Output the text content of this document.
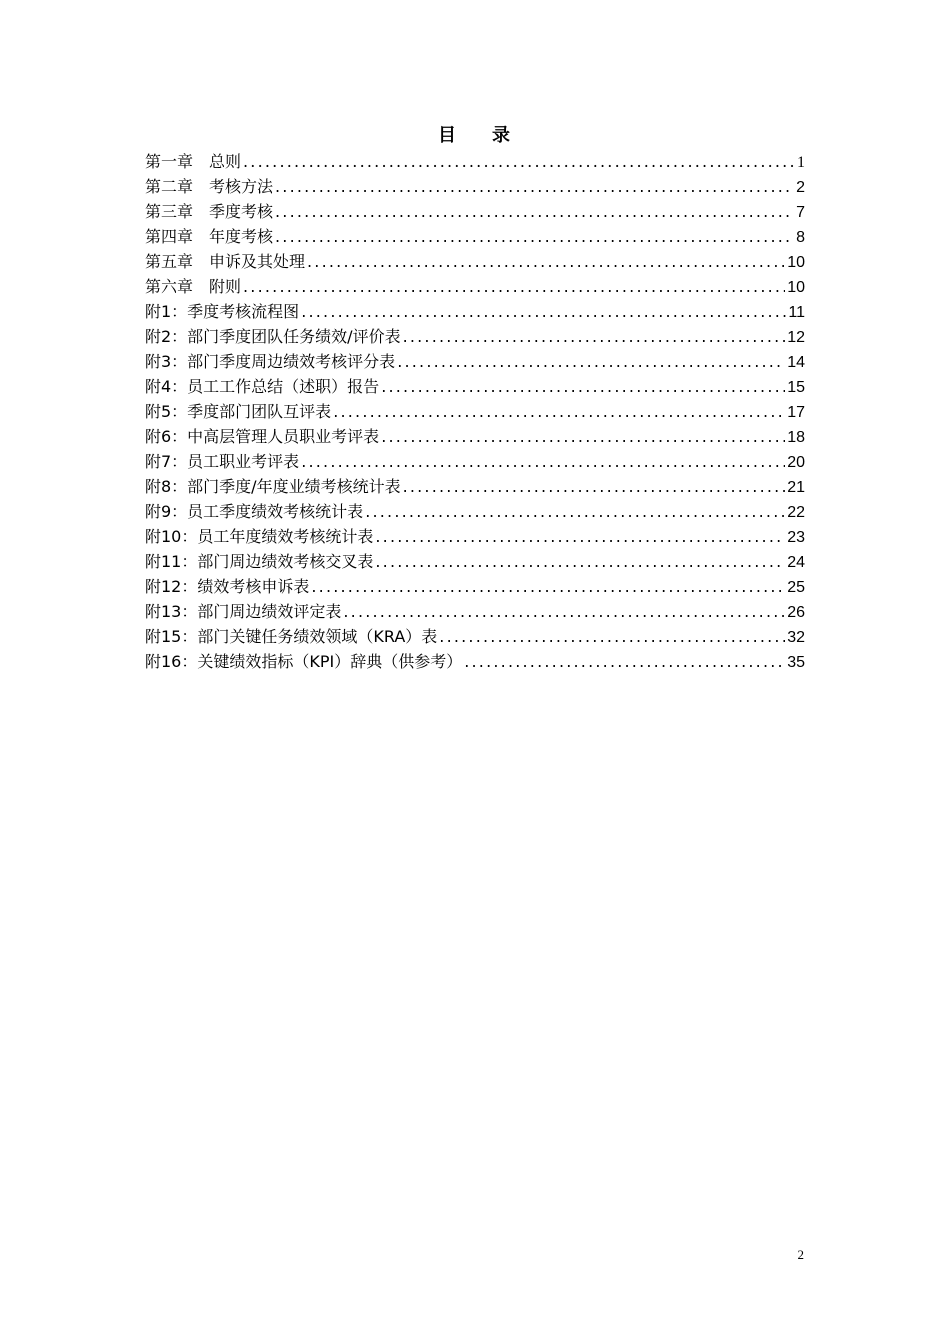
目 录
第一章　总则 .....	1
第二章　考核方法 .....	2
第三章　季度考核 .....	7
第四章　年度考核 .....	8
第五章　申诉及其处理 .....	10
第六章　附则 .....	10
附1：季度考核流程图 .....	11
附2：部门季度团队任务绩效/评价表 .....	12
附3：部门季度周边绩效考核评分表 .....	14
附4：员工工作总结（述职）报告 .....	15
附5：季度部门团队互评表 .....	17
附6：中高层管理人员职业考评表 .....	18
附7：员工职业考评表 .....	20
附8：部门季度/年度业绩考核统计表 .....	21
附9：员工季度绩效考核统计表 .....	22
附10：员工年度绩效考核统计表 .....	23
附11：部门周边绩效考核交叉表 .....	24
附12：绩效考核申诉表 .....	25
附13：部门周边绩效评定表 .....	26
附15：部门关键任务绩效领域（KRA）表 .....	32
附16：关键绩效指标（KPI）辞典（供参考） .....	35
2
